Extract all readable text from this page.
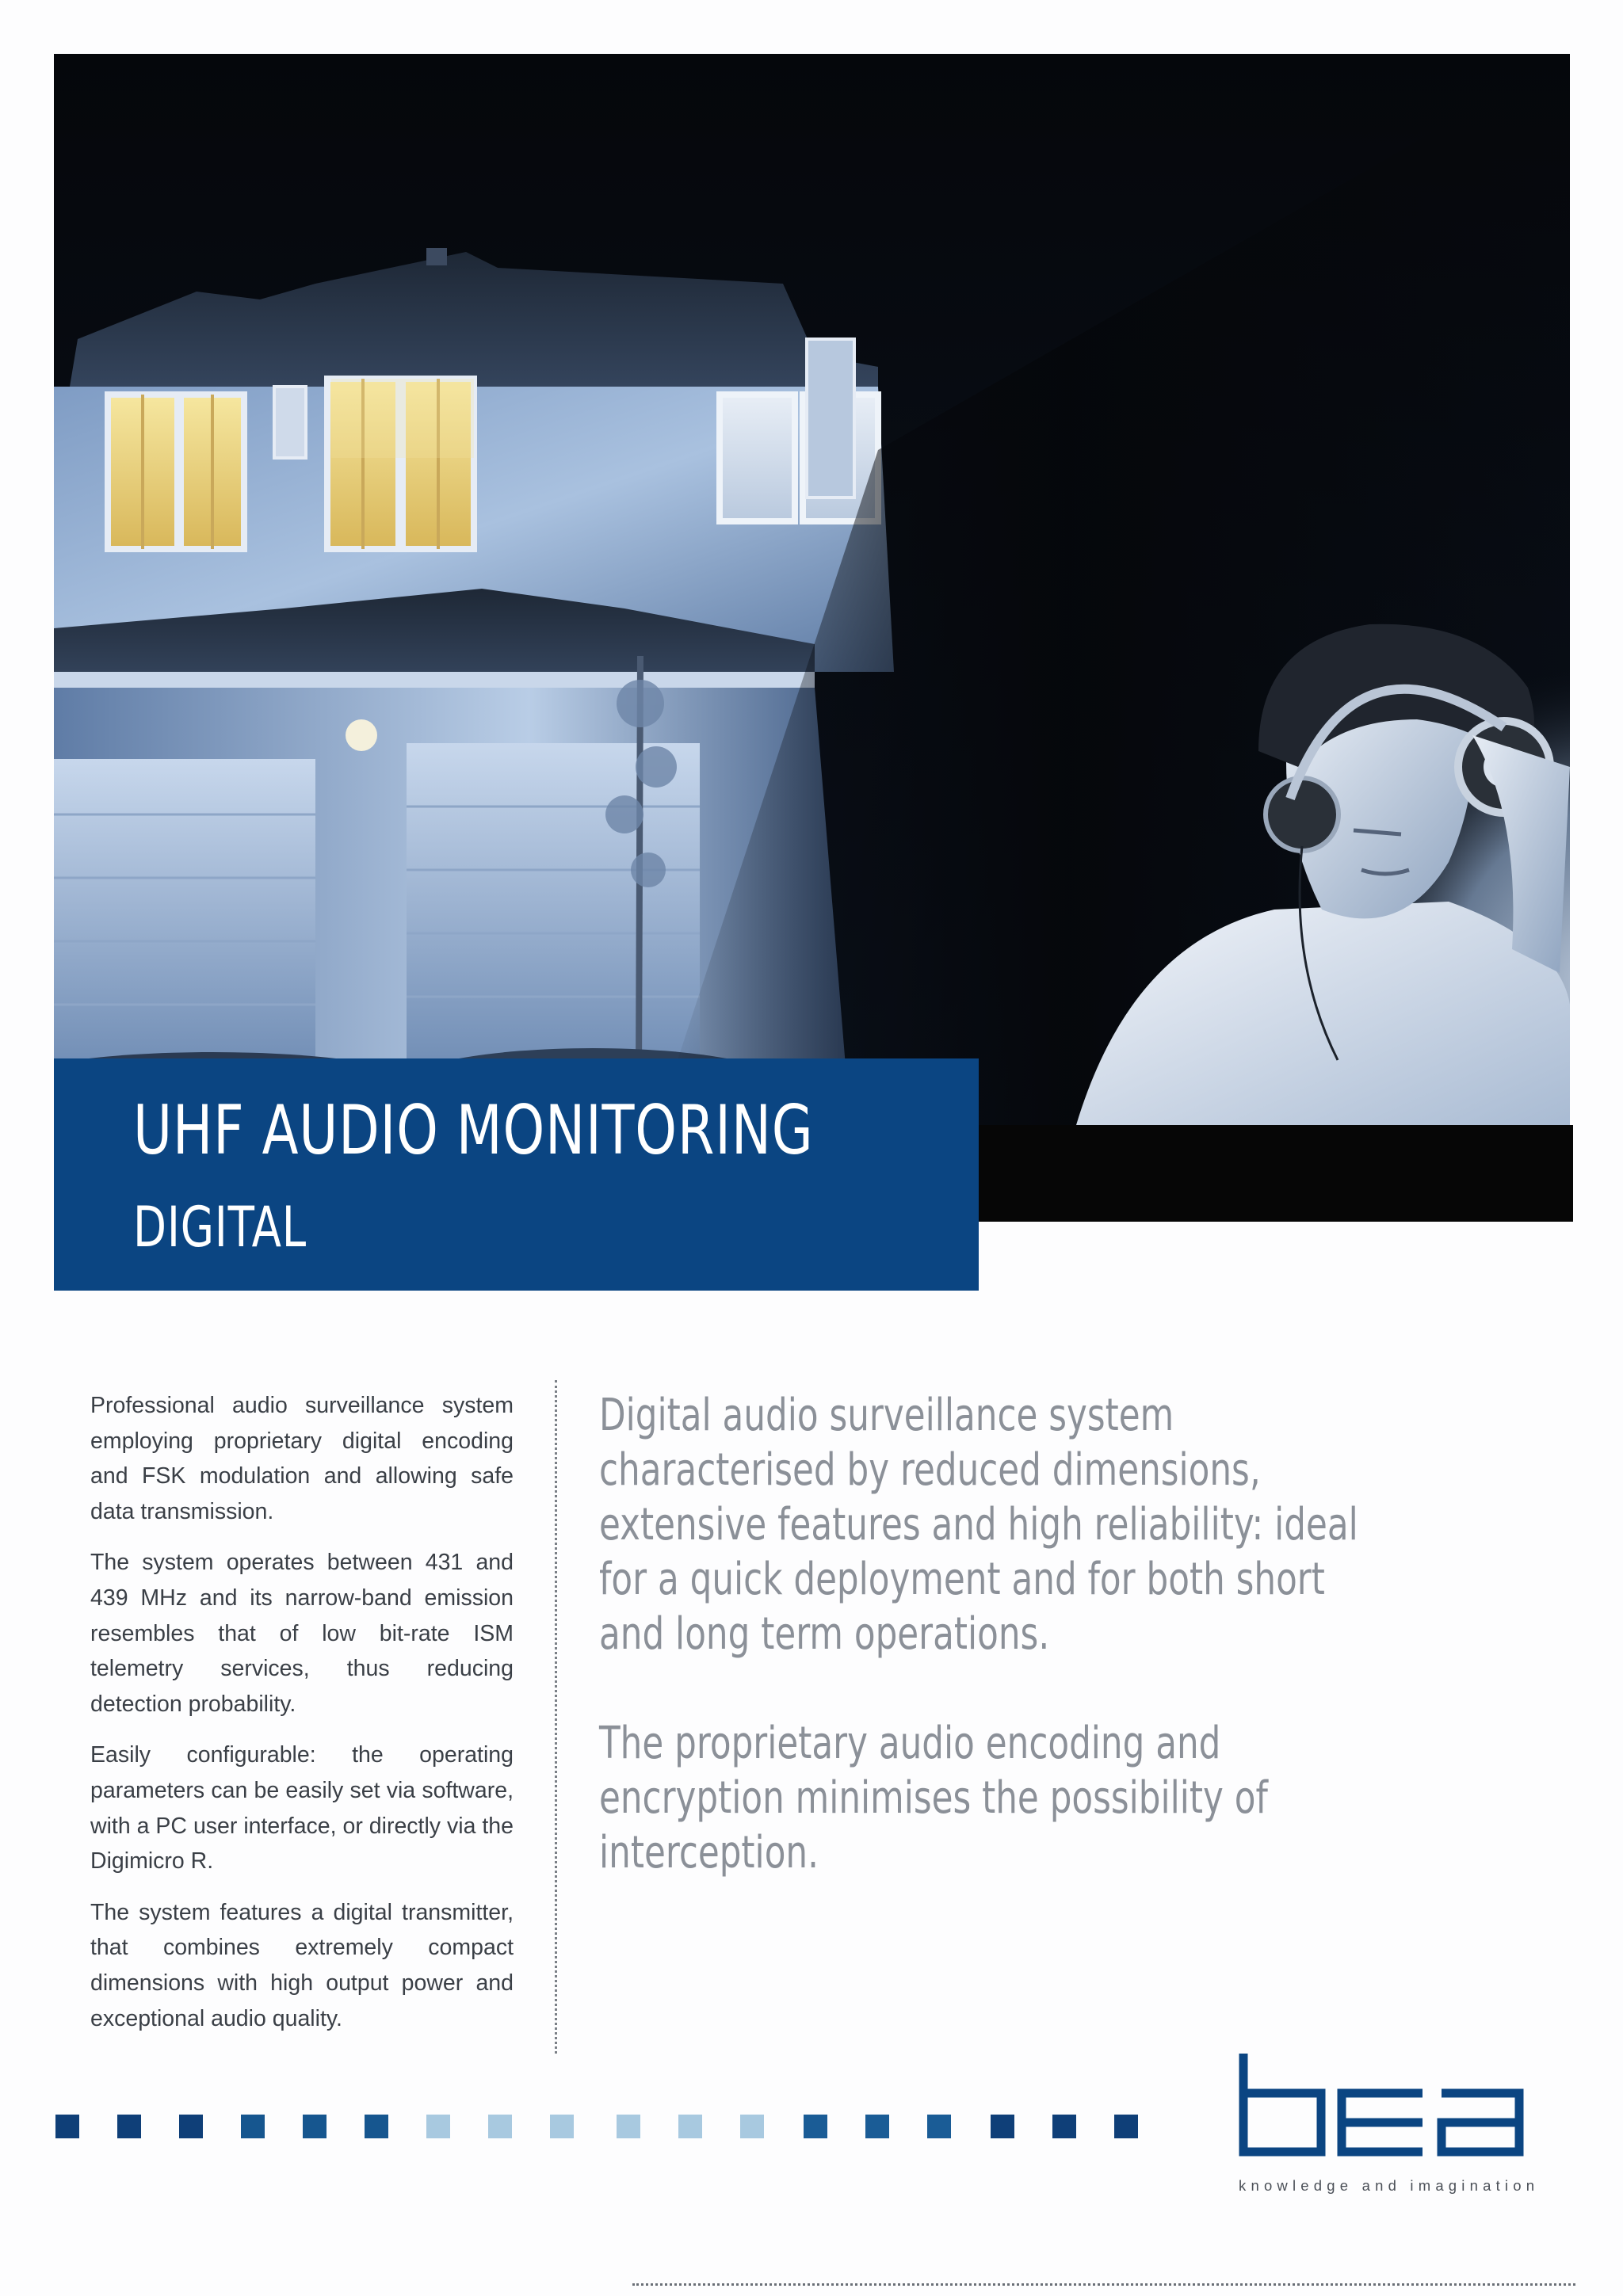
UHF AUDIO MONITORING
DIGITAL

Professional audio surveillance system employing proprietary digital encoding and FSK modulation and allowing safe data transmission.

The system operates between 431 and 439 MHz and its narrow-band emission resembles that of low bit-rate ISM telemetry services, thus reducing detection probability.

Easily configurable: the operating parameters can be easily set via software, with a PC user interface, or directly via the Digimicro R.

The system features a digital transmitter, that combines extremely compact dimensions with high output power and exceptional audio quality.

Digital audio surveillance system characterised by reduced dimensions, extensive features and high reliability: ideal for a quick deployment and for both short and long term operations.

The proprietary audio encoding and encryption minimises the possibility of interception.

knowledge and imagination
